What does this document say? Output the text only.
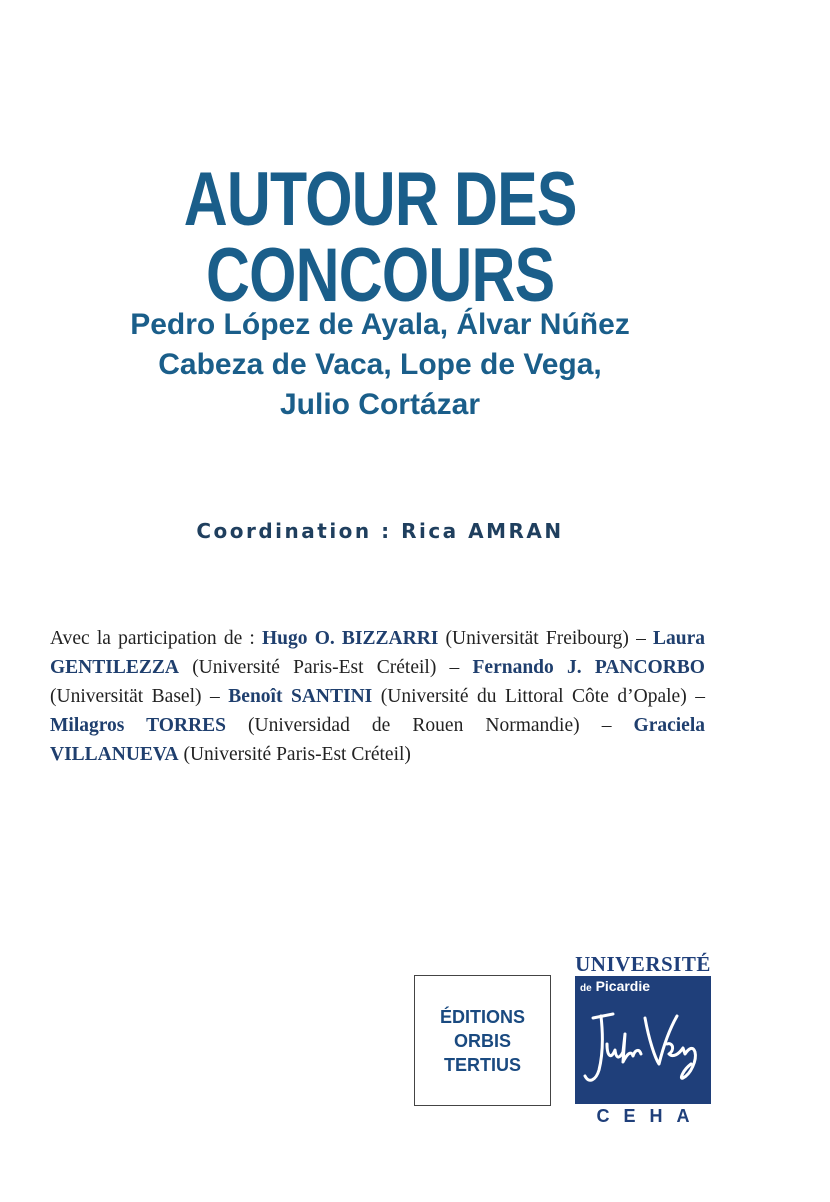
AUTOUR DES CONCOURS
Pedro López de Ayala, Álvar Núñez
Cabeza de Vaca, Lope de Vega,
Julio Cortázar
Coordination : Rica AMRAN
Avec la participation de : Hugo O. BIZZARRI (Universität Freibourg) – Laura GENTILEZZA (Université Paris-Est Créteil) – Fernando J. PANCORBO (Universität Basel) – Benoît SANTINI (Université du Littoral Côte d’Opale) – Milagros TORRES (Universidad de Rouen Normandie) – Graciela VILLANUEVA (Université Paris-Est Créteil)
ÉDITIONS
ORBIS
TERTIUS
UNIVERSITÉ
de Picardie
CEHA
